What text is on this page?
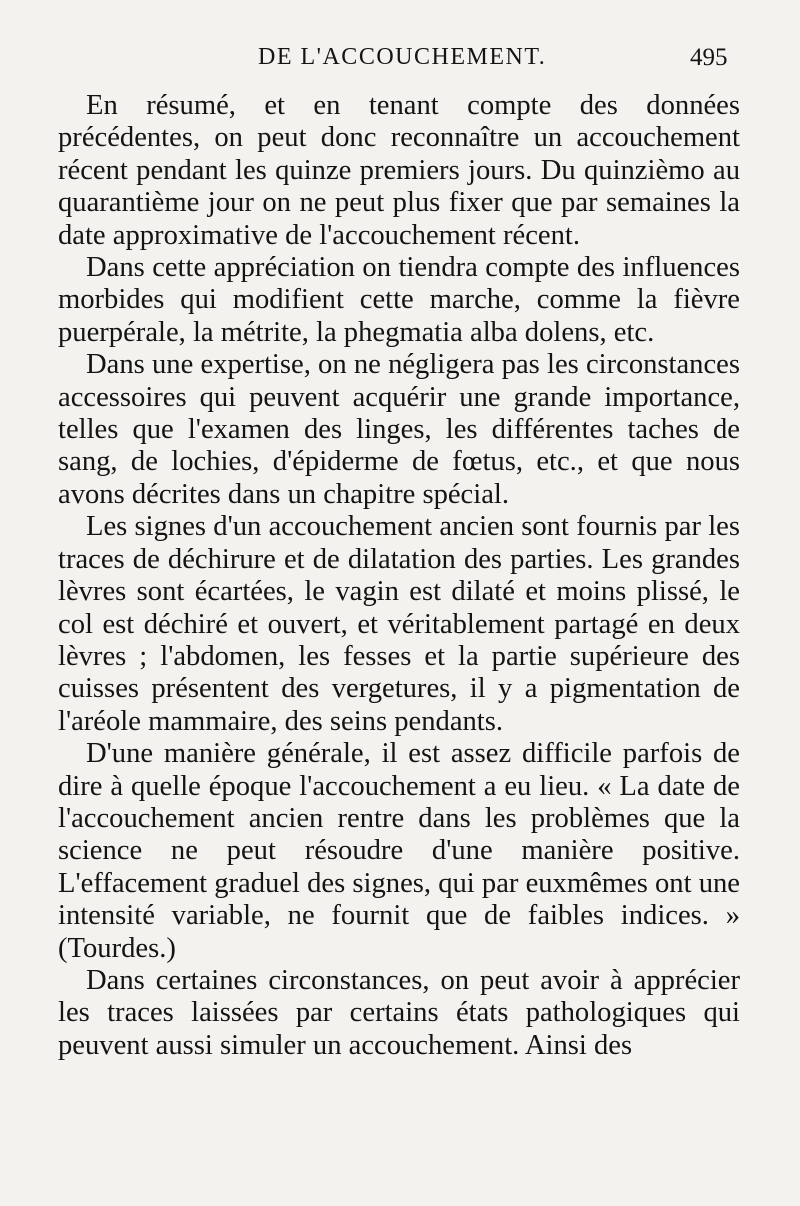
DE L'ACCOUCHEMENT.	495

En résumé, et en tenant compte des données précédentes, on peut donc reconnaître un accouchement récent pendant les quinze premiers jours. Du quinzièmo au quarantième jour on ne peut plus fixer que par semaines la date approximative de l'accouchement récent.

Dans cette appréciation on tiendra compte des influences morbides qui modifient cette marche, comme la fièvre puerpérale, la métrite, la phegmatia alba dolens, etc.

Dans une expertise, on ne négligera pas les circonstances accessoires qui peuvent acquérir une grande importance, telles que l'examen des linges, les différentes taches de sang, de lochies, d'épiderme de fœtus, etc., et que nous avons décrites dans un chapitre spécial.

Les signes d'un accouchement ancien sont fournis par les traces de déchirure et de dilatation des parties. Les grandes lèvres sont écartées, le vagin est dilaté et moins plissé, le col est déchiré et ouvert, et véritablement partagé en deux lèvres ; l'abdomen, les fesses et la partie supérieure des cuisses présentent des vergetures, il y a pigmentation de l'aréole mammaire, des seins pendants.

D'une manière générale, il est assez difficile parfois de dire à quelle époque l'accouchement a eu lieu. « La date de l'accouchement ancien rentre dans les problèmes que la science ne peut résoudre d'une manière positive. L'effacement graduel des signes, qui par euxmêmes ont une intensité variable, ne fournit que de faibles indices. » (Tourdes.)

Dans certaines circonstances, on peut avoir à apprécier les traces laissées par certains états pathologiques qui peuvent aussi simuler un accouchement. Ainsi des
